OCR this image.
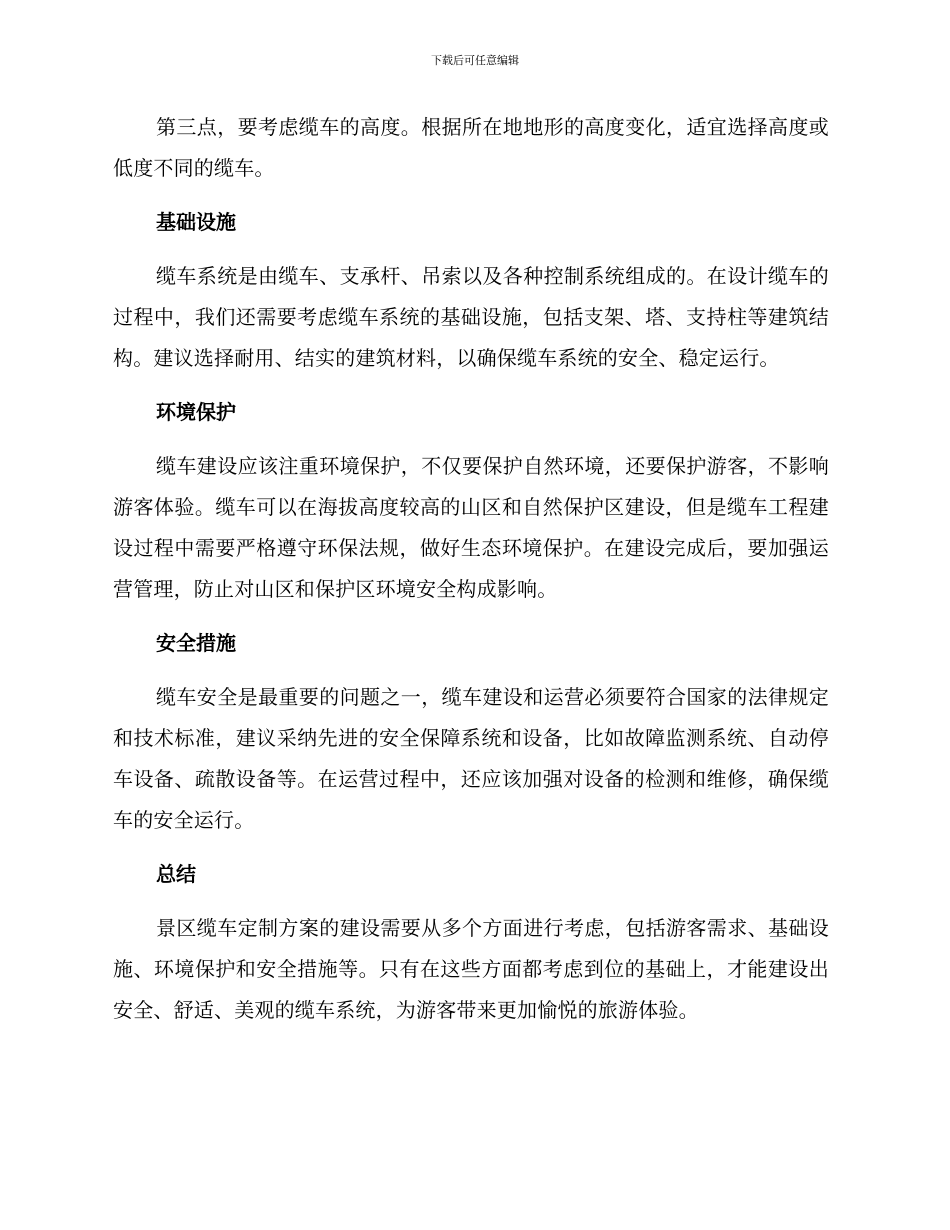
下载后可任意编辑

第三点，要考虑缆车的高度。根据所在地地形的高度变化，适宜选择高度或低度不同的缆车。

基础设施

缆车系统是由缆车、支承杆、吊索以及各种控制系统组成的。在设计缆车的过程中，我们还需要考虑缆车系统的基础设施，包括支架、塔、支持柱等建筑结构。建议选择耐用、结实的建筑材料，以确保缆车系统的安全、稳定运行。

环境保护

缆车建设应该注重环境保护，不仅要保护自然环境，还要保护游客，不影响游客体验。缆车可以在海拔高度较高的山区和自然保护区建设，但是缆车工程建设过程中需要严格遵守环保法规，做好生态环境保护。在建设完成后，要加强运营管理，防止对山区和保护区环境安全构成影响。

安全措施

缆车安全是最重要的问题之一，缆车建设和运营必须要符合国家的法律规定和技术标准，建议采纳先进的安全保障系统和设备，比如故障监测系统、自动停车设备、疏散设备等。在运营过程中，还应该加强对设备的检测和维修，确保缆车的安全运行。

总结

景区缆车定制方案的建设需要从多个方面进行考虑，包括游客需求、基础设施、环境保护和安全措施等。只有在这些方面都考虑到位的基础上，才能建设出安全、舒适、美观的缆车系统，为游客带来更加愉悦的旅游体验。
